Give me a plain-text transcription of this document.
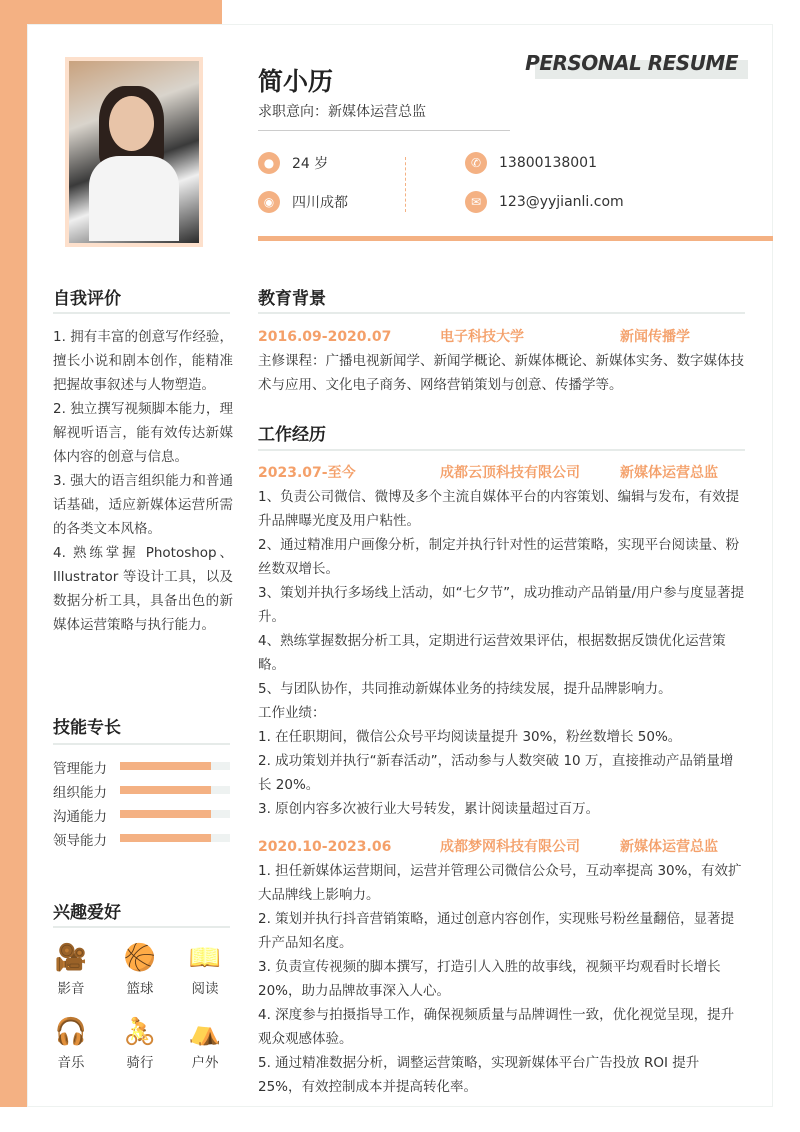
简小历
求职意向：新媒体运营总监
PERSONAL RESUME
●	24 岁
◉	四川成都
✆	13800138001
✉	123@yyjianli.com
自我评价
1. 拥有丰富的创意写作经验，擅长小说和剧本创作，能精准把握故事叙述与人物塑造。
2. 独立撰写视频脚本能力，理解视听语言，能有效传达新媒体内容的创意与信息。
3. 强大的语言组织能力和普通话基础，适应新媒体运营所需的各类文本风格。
4. 熟练掌握 Photoshop、Illustrator 等设计工具，以及数据分析工具，具备出色的新媒体运营策略与执行能力。
技能专长
管理能力
组织能力
沟通能力
领导能力
兴趣爱好
🎥
影音
🏀
篮球
📖
阅读
🎧
音乐
🚴
骑行
⛺
户外
教育背景
2016.09-2020.07	电子科技大学	新闻传播学
主修课程：广播电视新闻学、新闻学概论、新媒体概论、新媒体实务、数字媒体技术与应用、文化电子商务、网络营销策划与创意、传播学等。
工作经历
2023.07-至今	成都云顶科技有限公司	新媒体运营总监
1、负责公司微信、微博及多个主流自媒体平台的内容策划、编辑与发布，有效提升品牌曝光度及用户粘性。
2、通过精准用户画像分析，制定并执行针对性的运营策略，实现平台阅读量、粉丝数双增长。
3、策划并执行多场线上活动，如“七夕节”，成功推动产品销量/用户参与度显著提升。
4、熟练掌握数据分析工具，定期进行运营效果评估，根据数据反馈优化运营策略。
5、与团队协作，共同推动新媒体业务的持续发展，提升品牌影响力。
工作业绩：
1. 在任职期间，微信公众号平均阅读量提升 30%，粉丝数增长 50%。
2. 成功策划并执行“新春活动”，活动参与人数突破 10 万，直接推动产品销量增长 20%。
3. 原创内容多次被行业大号转发，累计阅读量超过百万。
2020.10-2023.06	成都梦网科技有限公司	新媒体运营总监
1. 担任新媒体运营期间，运营并管理公司微信公众号，互动率提高 30%，有效扩大品牌线上影响力。
2. 策划并执行抖音营销策略，通过创意内容创作，实现账号粉丝量翻倍，显著提升产品知名度。
3. 负责宣传视频的脚本撰写，打造引人入胜的故事线，视频平均观看时长增长 20%，助力品牌故事深入人心。
4. 深度参与拍摄指导工作，确保视频质量与品牌调性一致，优化视觉呈现，提升观众观感体验。
5. 通过精准数据分析，调整运营策略，实现新媒体平台广告投放 ROI 提升 25%，有效控制成本并提高转化率。
